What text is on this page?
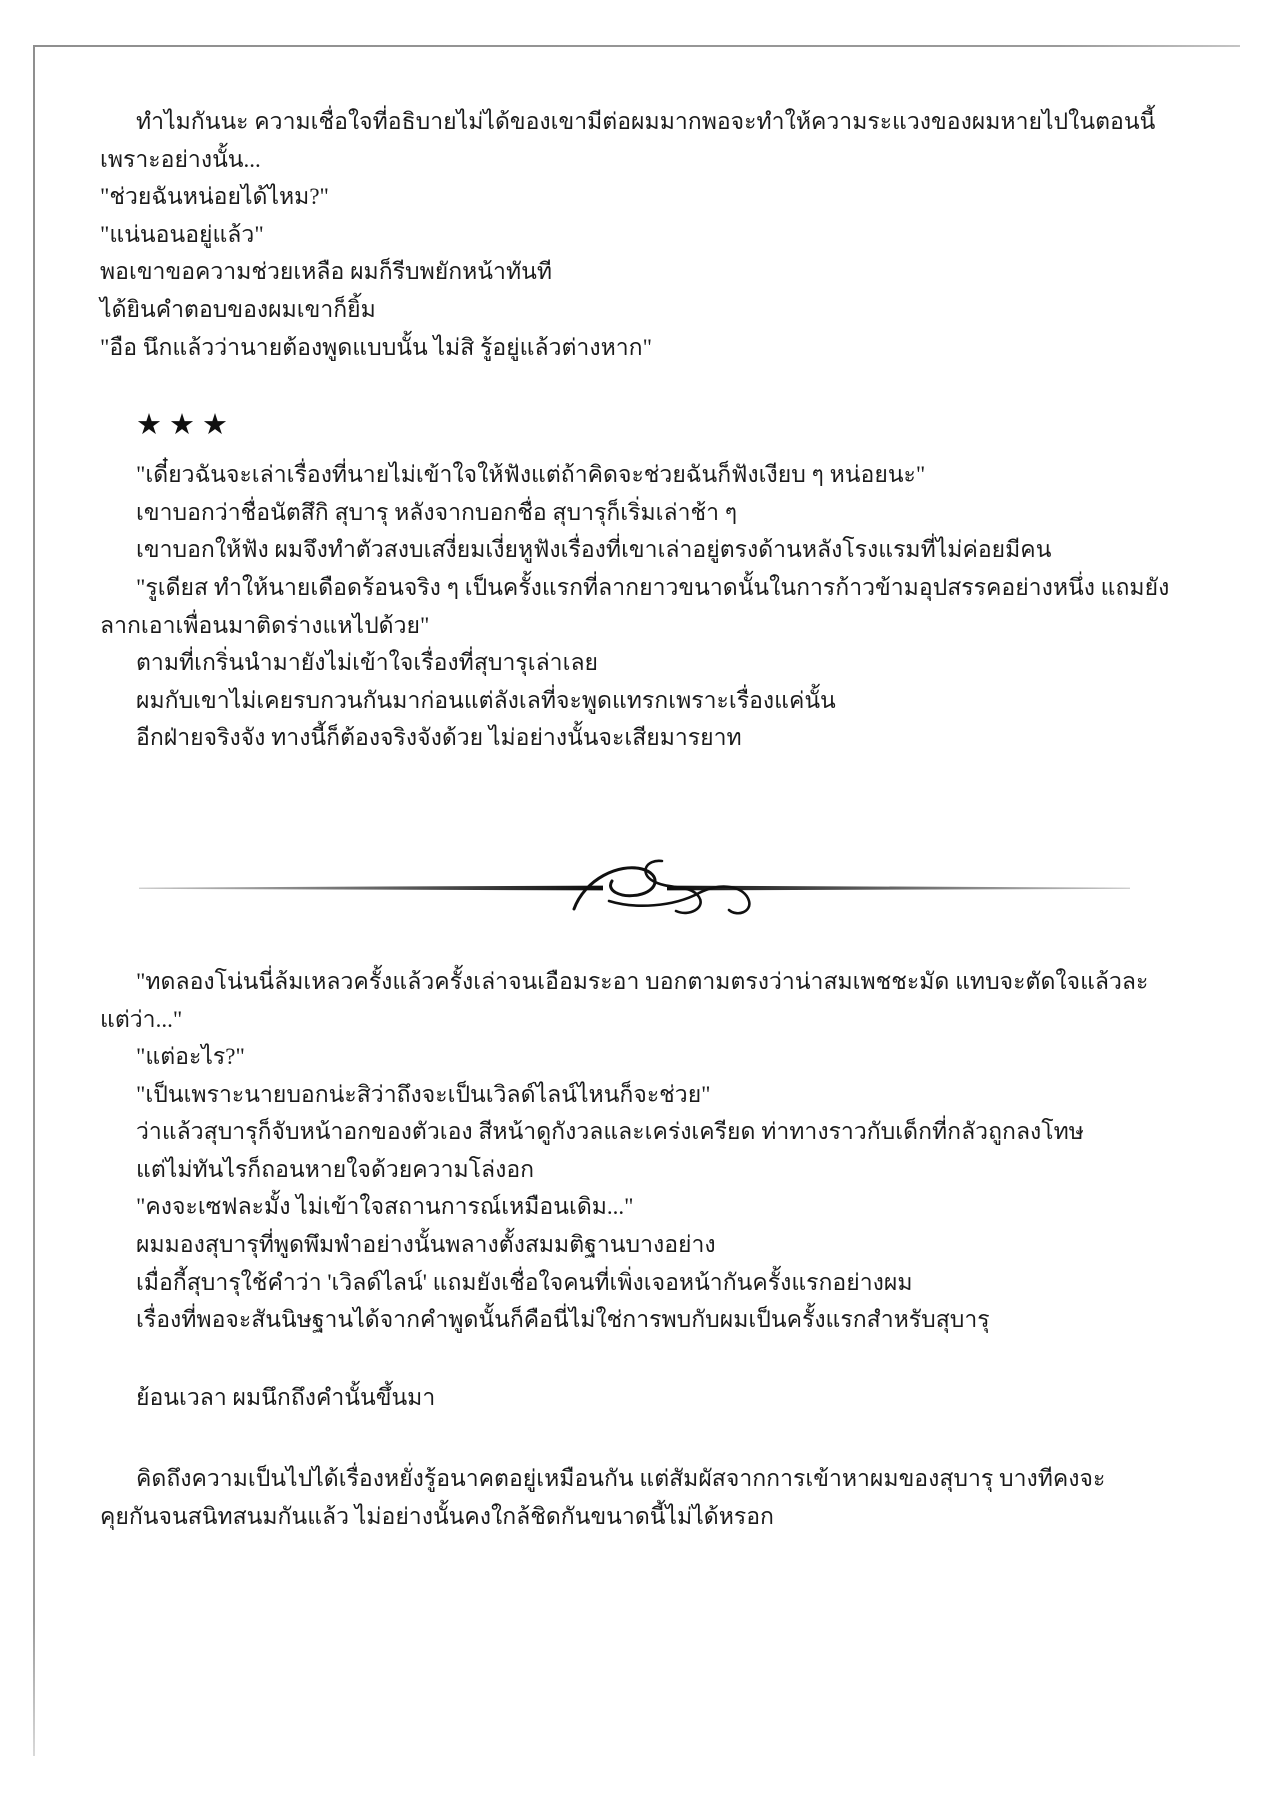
ทำไมกันนะ ความเชื่อใจที่อธิบายไม่ได้ของเขามีต่อผมมากพอจะทำให้ความระแวงของผมหายไปในตอนนี้
เพราะอย่างนั้น...
"ช่วยฉันหน่อยได้ไหม?"
"แน่นอนอยู่แล้ว"
พอเขาขอความช่วยเหลือ ผมก็รีบพยักหน้าทันที
ได้ยินคำตอบของผมเขาก็ยิ้ม
"อือ นึกแล้วว่านายต้องพูดแบบนั้น ไม่สิ รู้อยู่แล้วต่างหาก"
★★★
"เดี๋ยวฉันจะเล่าเรื่องที่นายไม่เข้าใจให้ฟังแต่ถ้าคิดจะช่วยฉันก็ฟังเงียบ ๆ หน่อยนะ"
เขาบอกว่าชื่อนัตสึกิ สุบารุ หลังจากบอกชื่อ สุบารุก็เริ่มเล่าช้า ๆ
เขาบอกให้ฟัง ผมจึงทำตัวสงบเสงี่ยมเงี่ยหูฟังเรื่องที่เขาเล่าอยู่ตรงด้านหลังโรงแรมที่ไม่ค่อยมีคน
"รูเดียส ทำให้นายเดือดร้อนจริง ๆ เป็นครั้งแรกที่ลากยาวขนาดนั้นในการก้าวข้ามอุปสรรคอย่างหนึ่ง แถมยัง
ลากเอาเพื่อนมาติดร่างแหไปด้วย"
ตามที่เกริ่นนำมายังไม่เข้าใจเรื่องที่สุบารุเล่าเลย
ผมกับเขาไม่เคยรบกวนกันมาก่อนแต่ลังเลที่จะพูดแทรกเพราะเรื่องแค่นั้น
อีกฝ่ายจริงจัง ทางนี้ก็ต้องจริงจังด้วย ไม่อย่างนั้นจะเสียมารยาท
"ทดลองโน่นนี่ล้มเหลวครั้งแล้วครั้งเล่าจนเอือมระอา บอกตามตรงว่าน่าสมเพชชะมัด แทบจะตัดใจแล้วละ
แต่ว่า..."
"แต่อะไร?"
"เป็นเพราะนายบอกน่ะสิว่าถึงจะเป็นเวิลด์ไลน์ไหนก็จะช่วย"
ว่าแล้วสุบารุก็จับหน้าอกของตัวเอง สีหน้าดูกังวลและเคร่งเครียด ท่าทางราวกับเด็กที่กลัวถูกลงโทษ
แต่ไม่ทันไรก็ถอนหายใจด้วยความโล่งอก
"คงจะเซฟละมั้ง ไม่เข้าใจสถานการณ์เหมือนเดิม..."
ผมมองสุบารุที่พูดพึมพำอย่างนั้นพลางตั้งสมมติฐานบางอย่าง
เมื่อกี้สุบารุใช้คำว่า 'เวิลด์ไลน์' แถมยังเชื่อใจคนที่เพิ่งเจอหน้ากันครั้งแรกอย่างผม
เรื่องที่พอจะสันนิษฐานได้จากคำพูดนั้นก็คือนี่ไม่ใช่การพบกับผมเป็นครั้งแรกสำหรับสุบารุ
ย้อนเวลา ผมนึกถึงคำนั้นขึ้นมา
คิดถึงความเป็นไปได้เรื่องหยั่งรู้อนาคตอยู่เหมือนกัน แต่สัมผัสจากการเข้าหาผมของสุบารุ บางทีคงจะ
คุยกันจนสนิทสนมกันแล้ว ไม่อย่างนั้นคงใกล้ชิดกันขนาดนี้ไม่ได้หรอก
